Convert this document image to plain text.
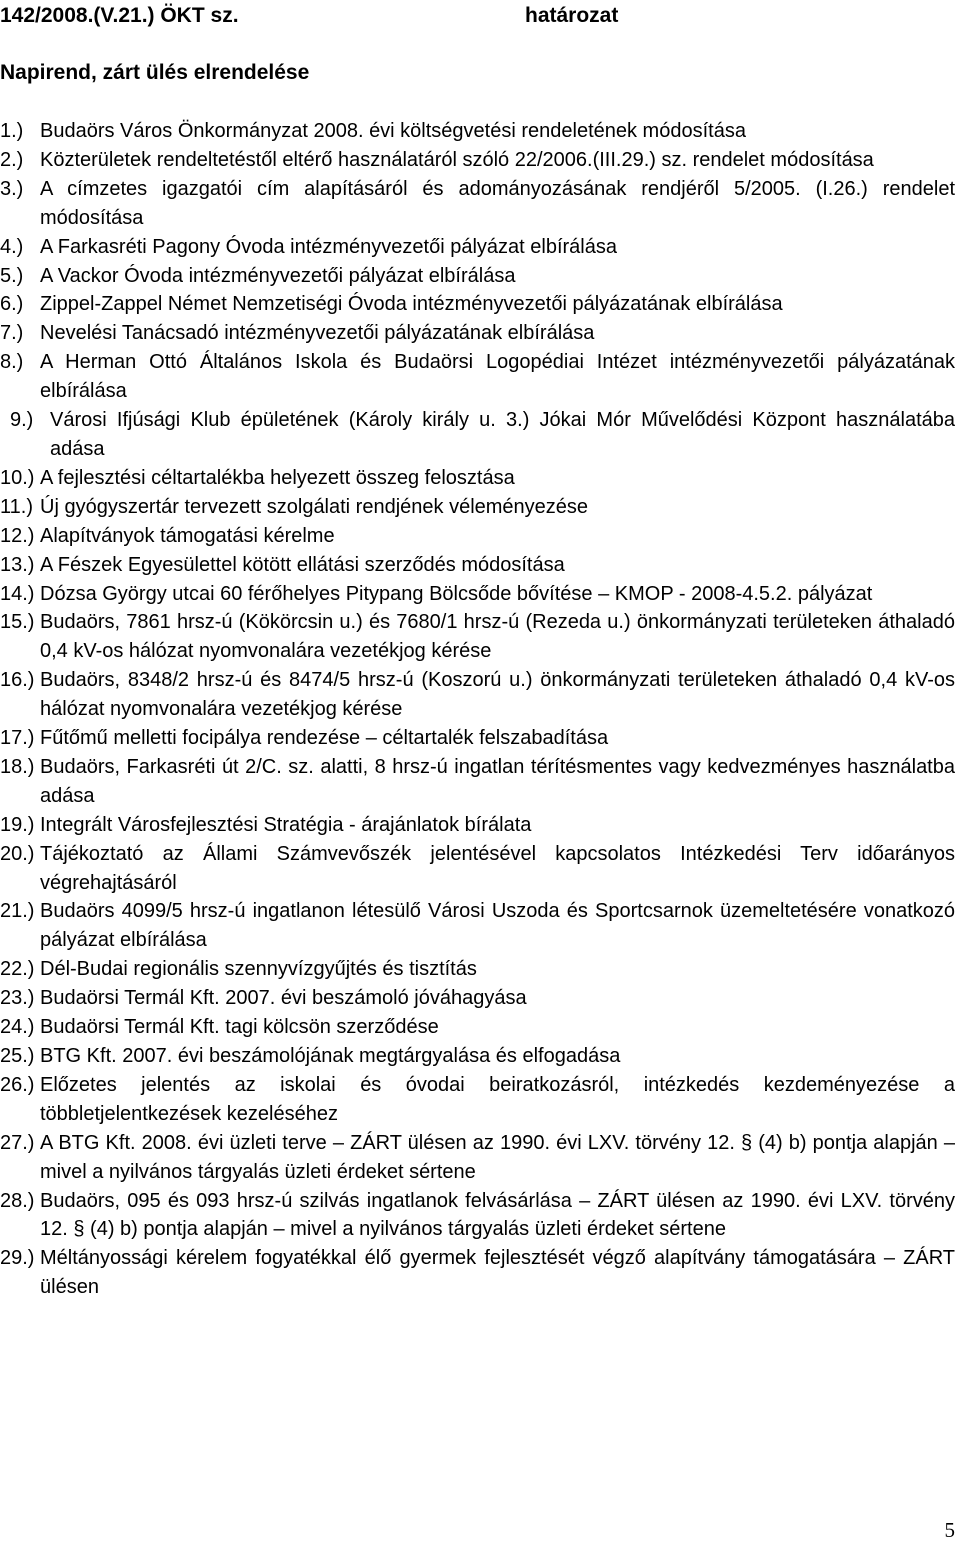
142/2008.(V.21.) ÖKT sz.	határozat
Napirend, zárt ülés elrendelése
1.) Budaörs Város Önkormányzat 2008. évi költségvetési rendeletének módosítása
2.) Közterületek rendeltetéstől eltérő használatáról szóló 22/2006.(III.29.) sz. rendelet módosítása
3.) A címzetes igazgatói cím alapításáról és adományozásának rendjéről 5/2005. (I.26.) rendelet módosítása
4.) A Farkasréti Pagony Óvoda intézményvezetői pályázat elbírálása
5.) A Vackor Óvoda intézményvezetői pályázat elbírálása
6.) Zippel-Zappel Német Nemzetiségi Óvoda intézményvezetői pályázatának elbírálása
7.) Nevelési Tanácsadó intézményvezetői pályázatának elbírálása
8.) A Herman Ottó Általános Iskola és Budaörsi Logopédiai Intézet intézményvezetői pályázatának elbírálása
9.) Városi Ifjúsági Klub épületének (Károly király u. 3.) Jókai Mór Művelődési Központ használatába adása
10.) A fejlesztési céltartalékba helyezett összeg felosztása
11.) Új gyógyszertár tervezett szolgálati rendjének véleményezése
12.) Alapítványok támogatási kérelme
13.) A Fészek Egyesülettel kötött ellátási szerződés módosítása
14.) Dózsa György utcai 60 férőhelyes Pitypang Bölcsőde bővítése – KMOP - 2008-4.5.2. pályázat
15.) Budaörs, 7861 hrsz-ú (Kökörcsin u.) és 7680/1 hrsz-ú (Rezeda u.) önkormányzati területeken áthaladó 0,4 kV-os hálózat nyomvonalára vezetékjog kérése
16.) Budaörs, 8348/2 hrsz-ú és 8474/5 hrsz-ú (Koszorú u.) önkormányzati területeken áthaladó 0,4 kV-os hálózat nyomvonalára vezetékjog kérése
17.) Fűtőmű melletti focipálya rendezése – céltartalék felszabadítása
18.) Budaörs, Farkasréti út 2/C. sz. alatti, 8 hrsz-ú ingatlan térítésmentes vagy kedvezményes használatba adása
19.) Integrált Városfejlesztési Stratégia - árajánlatok bírálata
20.) Tájékoztató az Állami Számvevőszék jelentésével kapcsolatos Intézkedési Terv időarányos végrehajtásáról
21.) Budaörs 4099/5 hrsz-ú ingatlanon létesülő Városi Uszoda és Sportcsarnok üzemeltetésére vonatkozó pályázat elbírálása
22.) Dél-Budai regionális szennyvízgyűjtés és tisztítás
23.) Budaörsi Termál Kft. 2007. évi beszámoló jóváhagyása
24.) Budaörsi Termál Kft. tagi kölcsön szerződése
25.) BTG Kft. 2007. évi beszámolójának megtárgyalása és elfogadása
26.) Előzetes jelentés az iskolai és óvodai beiratkozásról, intézkedés kezdeményezése a többletjelentkezések kezeléséhez
27.) A BTG Kft. 2008. évi üzleti terve – ZÁRT ülésen az 1990. évi LXV. törvény 12. § (4) b) pontja alapján – mivel a nyilvános tárgyalás üzleti érdeket sértene
28.) Budaörs, 095 és 093 hrsz-ú szilvás ingatlanok felvásárlása – ZÁRT ülésen az 1990. évi LXV. törvény 12. § (4) b) pontja alapján – mivel a nyilvános tárgyalás üzleti érdeket sértene
29.) Méltányossági kérelem fogyatékkal élő gyermek fejlesztését végző alapítvány támogatására – ZÁRT ülésen
5
